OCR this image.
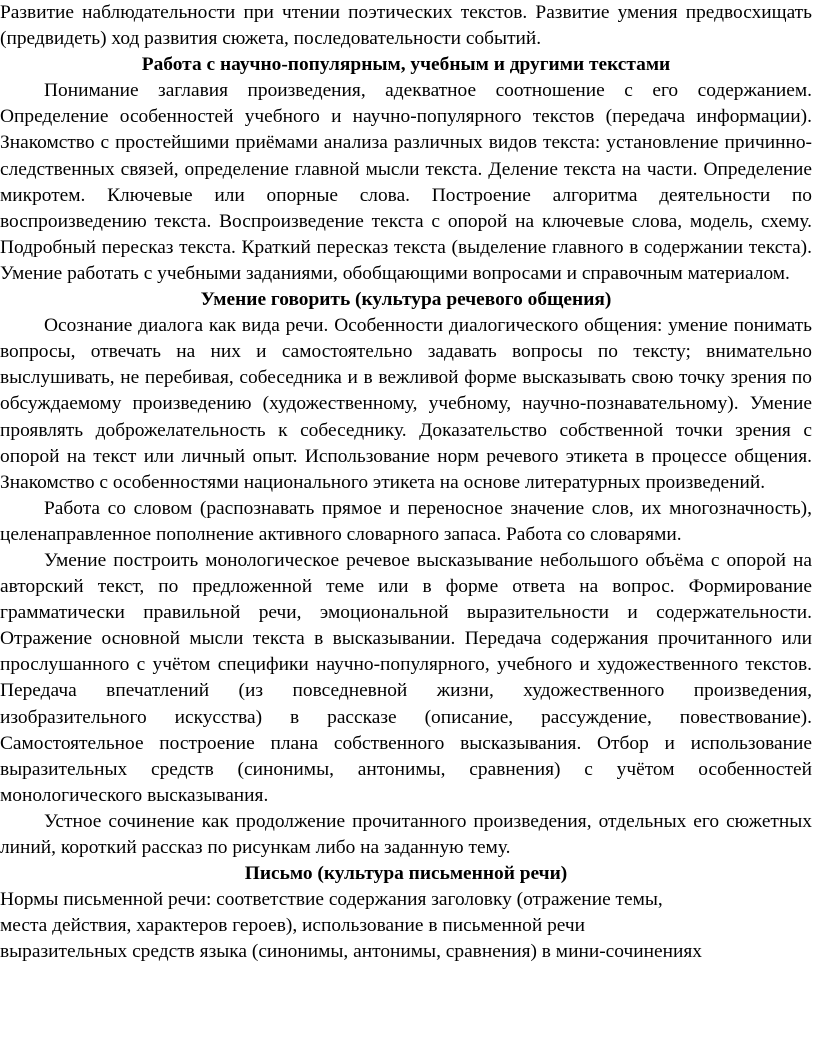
Развитие наблюдательности при чтении поэтических текстов. Развитие умения предвосхищать (предвидеть) ход развития сюжета, последовательности событий.

Работа с научно-популярным, учебным и другими текстами

Понимание заглавия произведения, адекватное соотношение с его содержанием. Определение особенностей учебного и научно-популярного текстов (передача информации). Знакомство с простейшими приёмами анализа различных видов текста: установление причинно-следственных связей, определение главной мысли текста. Деление текста на части. Определение микротем. Ключевые или опорные слова. Построение алгоритма деятельности по воспроизведению текста. Воспроизведение текста с опорой на ключевые слова, модель, схему. Подробный пересказ текста. Краткий пересказ текста (выделение главного в содержании текста). Умение работать с учебными заданиями, обобщающими вопросами и справочным материалом.

Умение говорить (культура речевого общения)

Осознание диалога как вида речи. Особенности диалогического общения: умение понимать вопросы, отвечать на них и самостоятельно задавать вопросы по тексту; внимательно выслушивать, не перебивая, собеседника и в вежливой форме высказывать свою точку зрения по обсуждаемому произведению (художественному, учебному, научно-познавательному). Умение проявлять доброжелательность к собеседнику. Доказательство собственной точки зрения с опорой на текст или личный опыт. Использование норм речевого этикета в процессе общения. Знакомство с особенностями национального этикета на основе литературных произведений.

Работа со словом (распознавать прямое и переносное значение слов, их многозначность), целенаправленное пополнение активного словарного запаса. Работа со словарями.

Умение построить монологическое речевое высказывание небольшого объёма с опорой на авторский текст, по предложенной теме или в форме ответа на вопрос. Формирование грамматически правильной речи, эмоциональной выразительности и содержательности. Отражение основной мысли текста в высказывании. Передача содержания прочитанного или прослушанного с учётом специфики научно-популярного, учебного и художественного текстов. Передача впечатлений (из повседневной жизни, художественного произведения, изобразительного искусства) в рассказе (описание, рассуждение, повествование). Самостоятельное построение плана собственного высказывания. Отбор и использование выразительных средств (синонимы, антонимы, сравнения) с учётом особенностей монологического высказывания.

Устное сочинение как продолжение прочитанного произведения, отдельных его сюжетных линий, короткий рассказ по рисункам либо на заданную тему.

Письмо (культура письменной речи)

Нормы письменной речи: соответствие содержания заголовку (отражение темы,

места действия, характеров героев), использование в письменной речи

выразительных средств языка (синонимы, антонимы, сравнения) в мини-сочинениях
